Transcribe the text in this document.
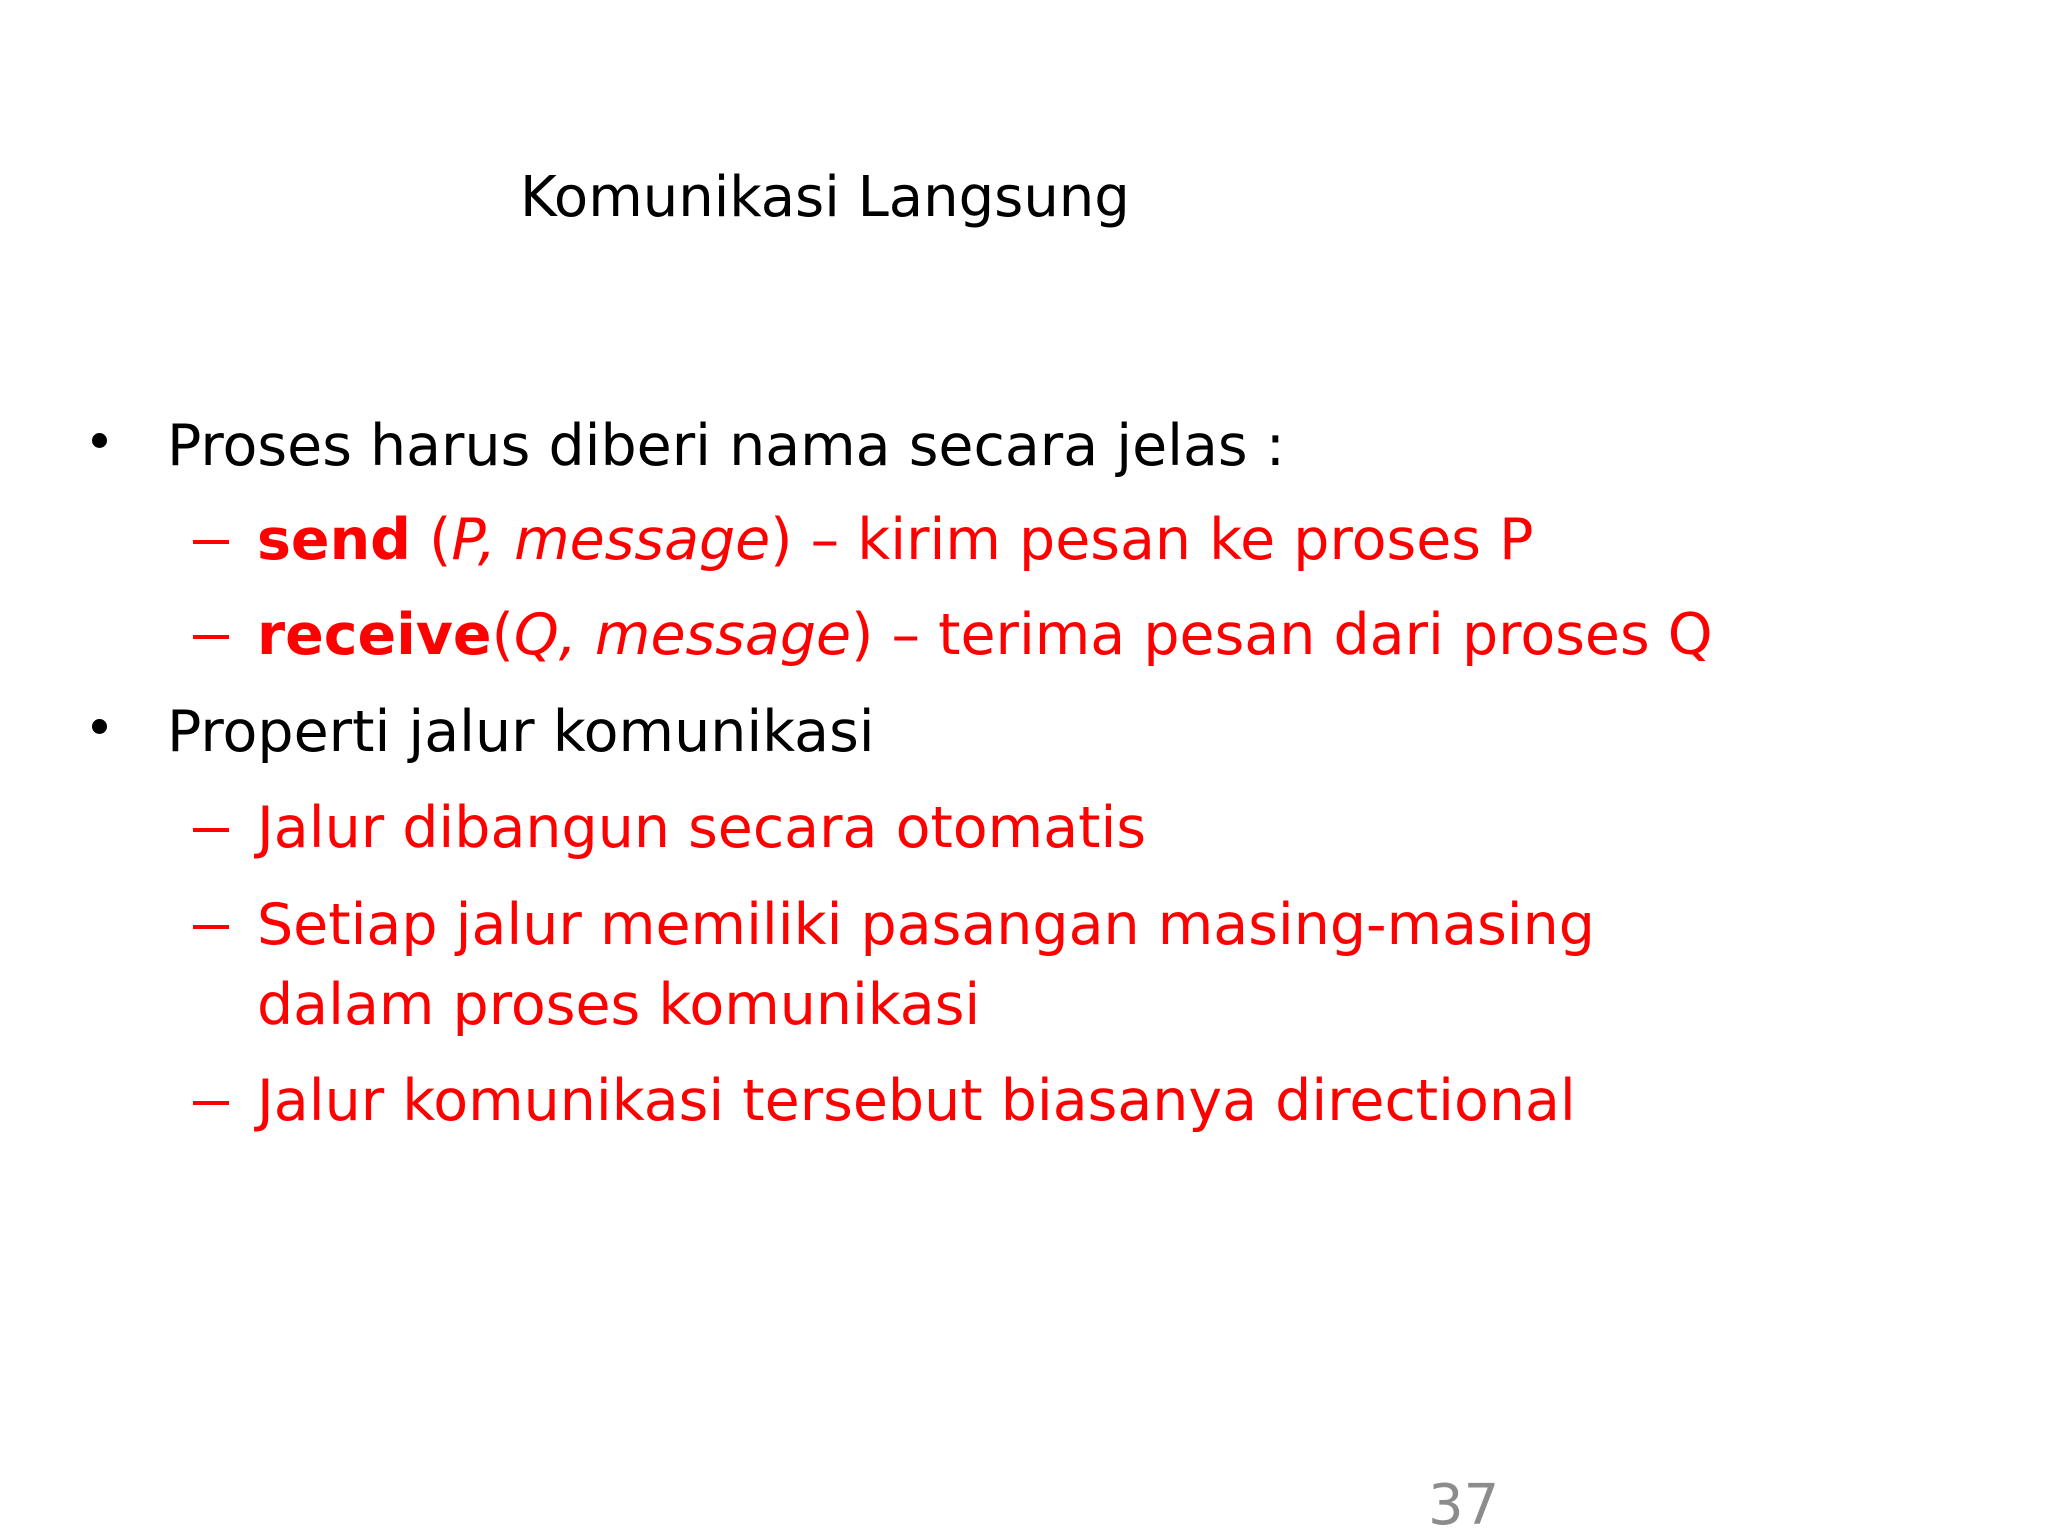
Komunikasi Langsung
Proses harus diberi nama secara jelas :
send (P, message) – kirim pesan ke proses P
receive(Q, message) – terima pesan dari proses Q
Properti jalur komunikasi
Jalur dibangun secara otomatis
Setiap jalur memiliki pasangan masing-masing
dalam proses komunikasi
Jalur komunikasi tersebut biasanya directional
37
